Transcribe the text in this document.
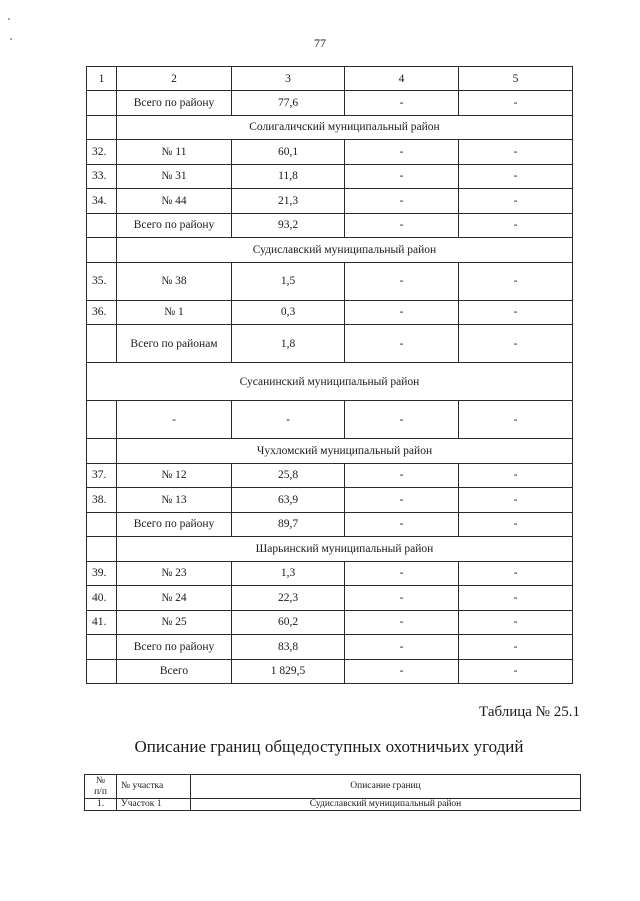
77
1	2	3	4	5
	Всего по району	77,6	-	-
	Солигаличский муниципальный район			
32.	№ 11	60,1	-	-
33.	№ 31	11,8	-	-
34.	№ 44	21,3	-	-
	Всего по району	93,2	-	-
	Судиславский муниципальный район			
35.	№ 38	1,5	-	-
36.	№ 1	0,3	-	-
	Всего по районам	1,8	-	-
Сусанинский муниципальный район				
	-	-	-	-
	Чухломский муниципальный район			
37.	№ 12	25,8	-	-
38.	№ 13	63,9	-	-
	Всего по району	89,7	-	-
	Шарьинский муниципальный район			
39.	№ 23	1,3	-	-
40.	№ 24	22,3	-	-
41.	№ 25	60,2	-	-
	Всего по району	83,8	-	-
	Всего	1 829,5	-	-
Таблица № 25.1
Описание границ общедоступных охотничьих угодий
№
п/п	№ участка	Описание границ
1.	Участок 1	Судиславский муниципальный район
